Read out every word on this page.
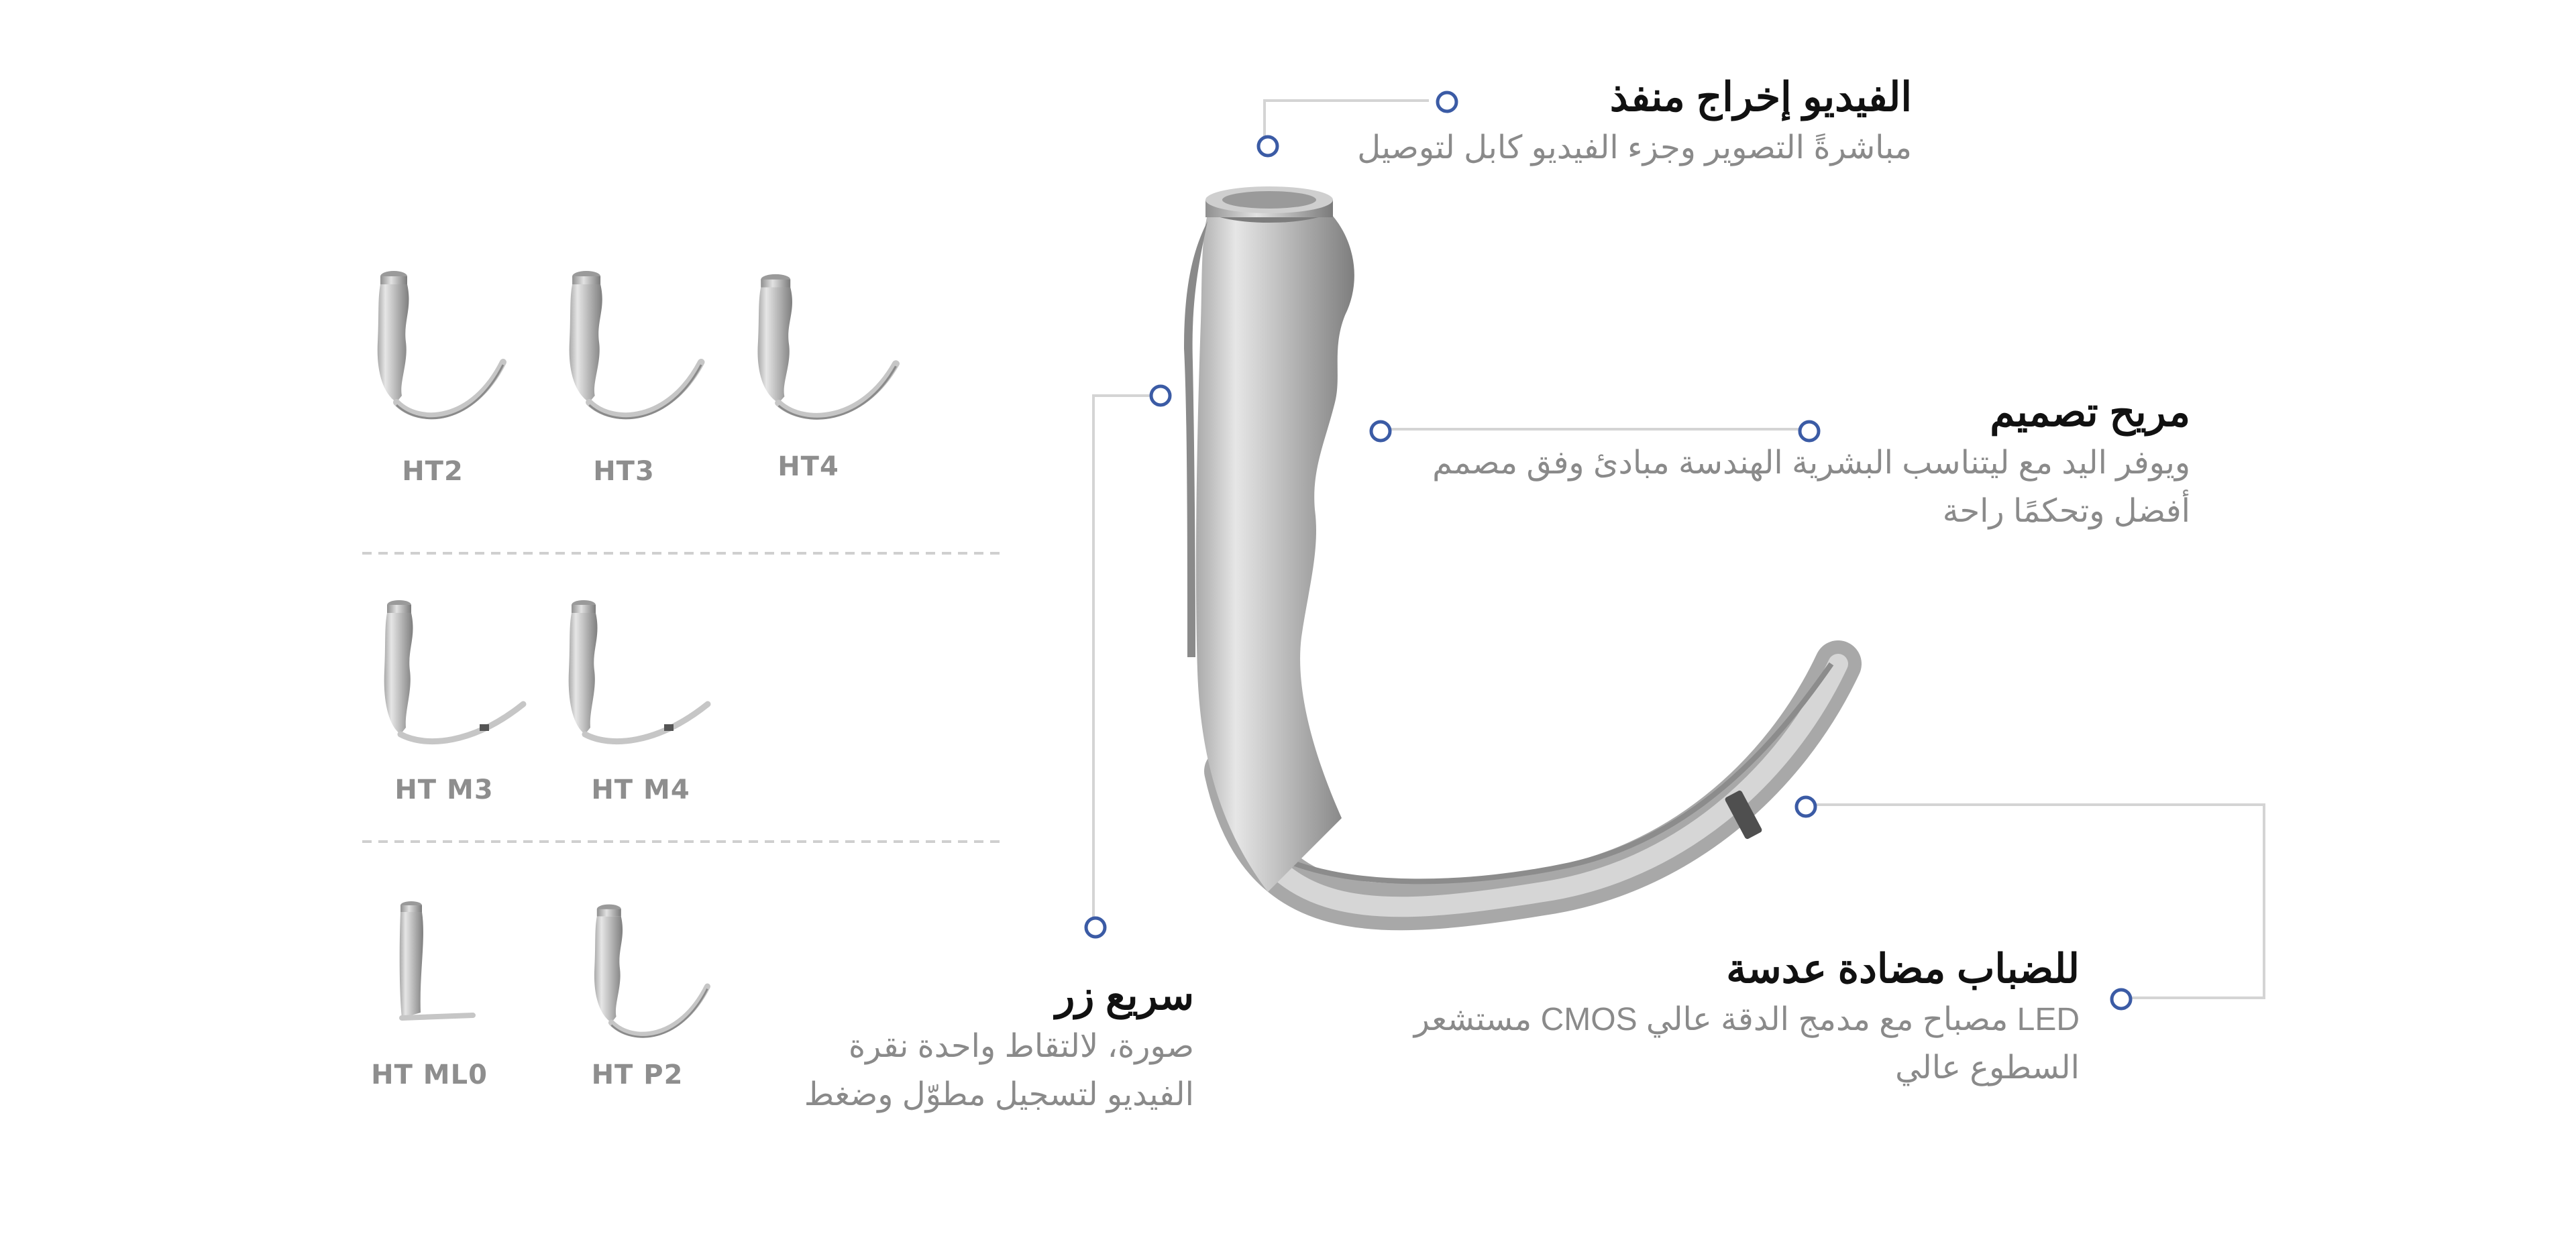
HT2	HT3	HT4
HT M3	HT M4
HT ML0	HT P2
الفيديو إخراج منفذ

مباشرةً التصوير وجزء الفيديو كابل لتوصيل

مريح تصميم

ويوفر اليد مع ليتناسب البشرية الهندسة مبادئ وفق مصمم
أفضل وتحكمًا راحة

للضباب مضادة عدسة

LED مصباح مع مدمج الدقة عالي CMOS مستشعر
السطوع عالي

سريع زر

صورة، لالتقاط واحدة نقرة
الفيديو لتسجيل مطوّل وضغط
